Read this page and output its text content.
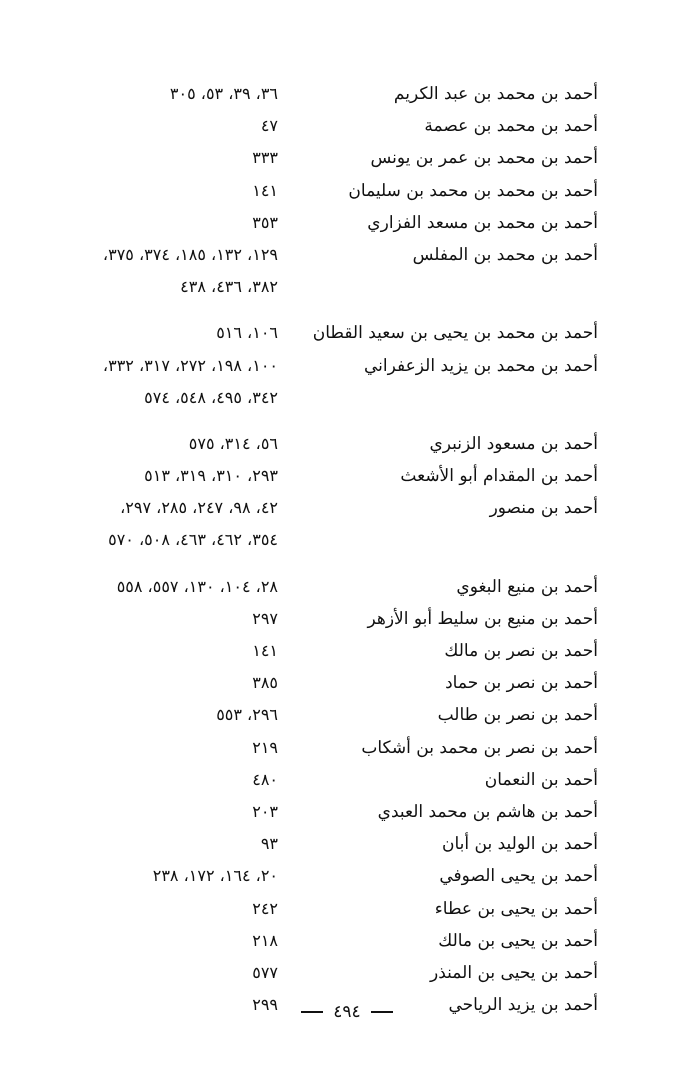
أحمد بن محمد بن عبد الكريم
٣٦، ٣٩، ٥٣، ٣٠٥
أحمد بن محمد بن عصمة
٤٧
أحمد بن محمد بن عمر بن يونس
٣٣٣
أحمد بن محمد بن محمد بن سليمان
١٤١
أحمد بن محمد بن مسعد الفزاري
٣٥٣
أحمد بن محمد بن المفلس
١٢٩، ١٣٢، ١٨٥، ٣٧٤، ٣٧٥،
٣٨٢، ٤٣٦، ٤٣٨
أحمد بن محمد بن يحيى بن سعيد القطان
١٠٦، ٥١٦
أحمد بن محمد بن يزيد الزعفراني
١٠٠، ١٩٨، ٢٧٢، ٣١٧، ٣٣٢،
٣٤٢، ٤٩٥، ٥٤٨، ٥٧٤
أحمد بن مسعود الزنبري
٥٦، ٣١٤، ٥٧٥
أحمد بن المقدام أبو الأشعث
٢٩٣، ٣١٠، ٣١٩، ٥١٣
أحمد بن منصور
٤٢، ٩٨، ٢٤٧، ٢٨٥، ٢٩٧،
٣٥٤، ٤٦٢، ٤٦٣، ٥٠٨، ٥٧٠
أحمد بن منيع البغوي
٢٨، ١٠٤، ١٣٠، ٥٥٧، ٥٥٨
أحمد بن منيع بن سليط أبو الأزهر
٢٩٧
أحمد بن نصر بن مالك
١٤١
أحمد بن نصر بن حماد
٣٨٥
أحمد بن نصر بن طالب
٢٩٦، ٥٥٣
أحمد بن نصر بن محمد بن أشكاب
٢١٩
أحمد بن النعمان
٤٨٠
أحمد بن هاشم بن محمد العبدي
٢٠٣
أحمد بن الوليد بن أبان
٩٣
أحمد بن يحيى الصوفي
٢٠، ١٦٤، ١٧٢، ٢٣٨
أحمد بن يحيى بن عطاء
٢٤٢
أحمد بن يحيى بن مالك
٢١٨
أحمد بن يحيى بن المنذر
٥٧٧
أحمد بن يزيد الرياحي
٢٩٩	٤٩٤
